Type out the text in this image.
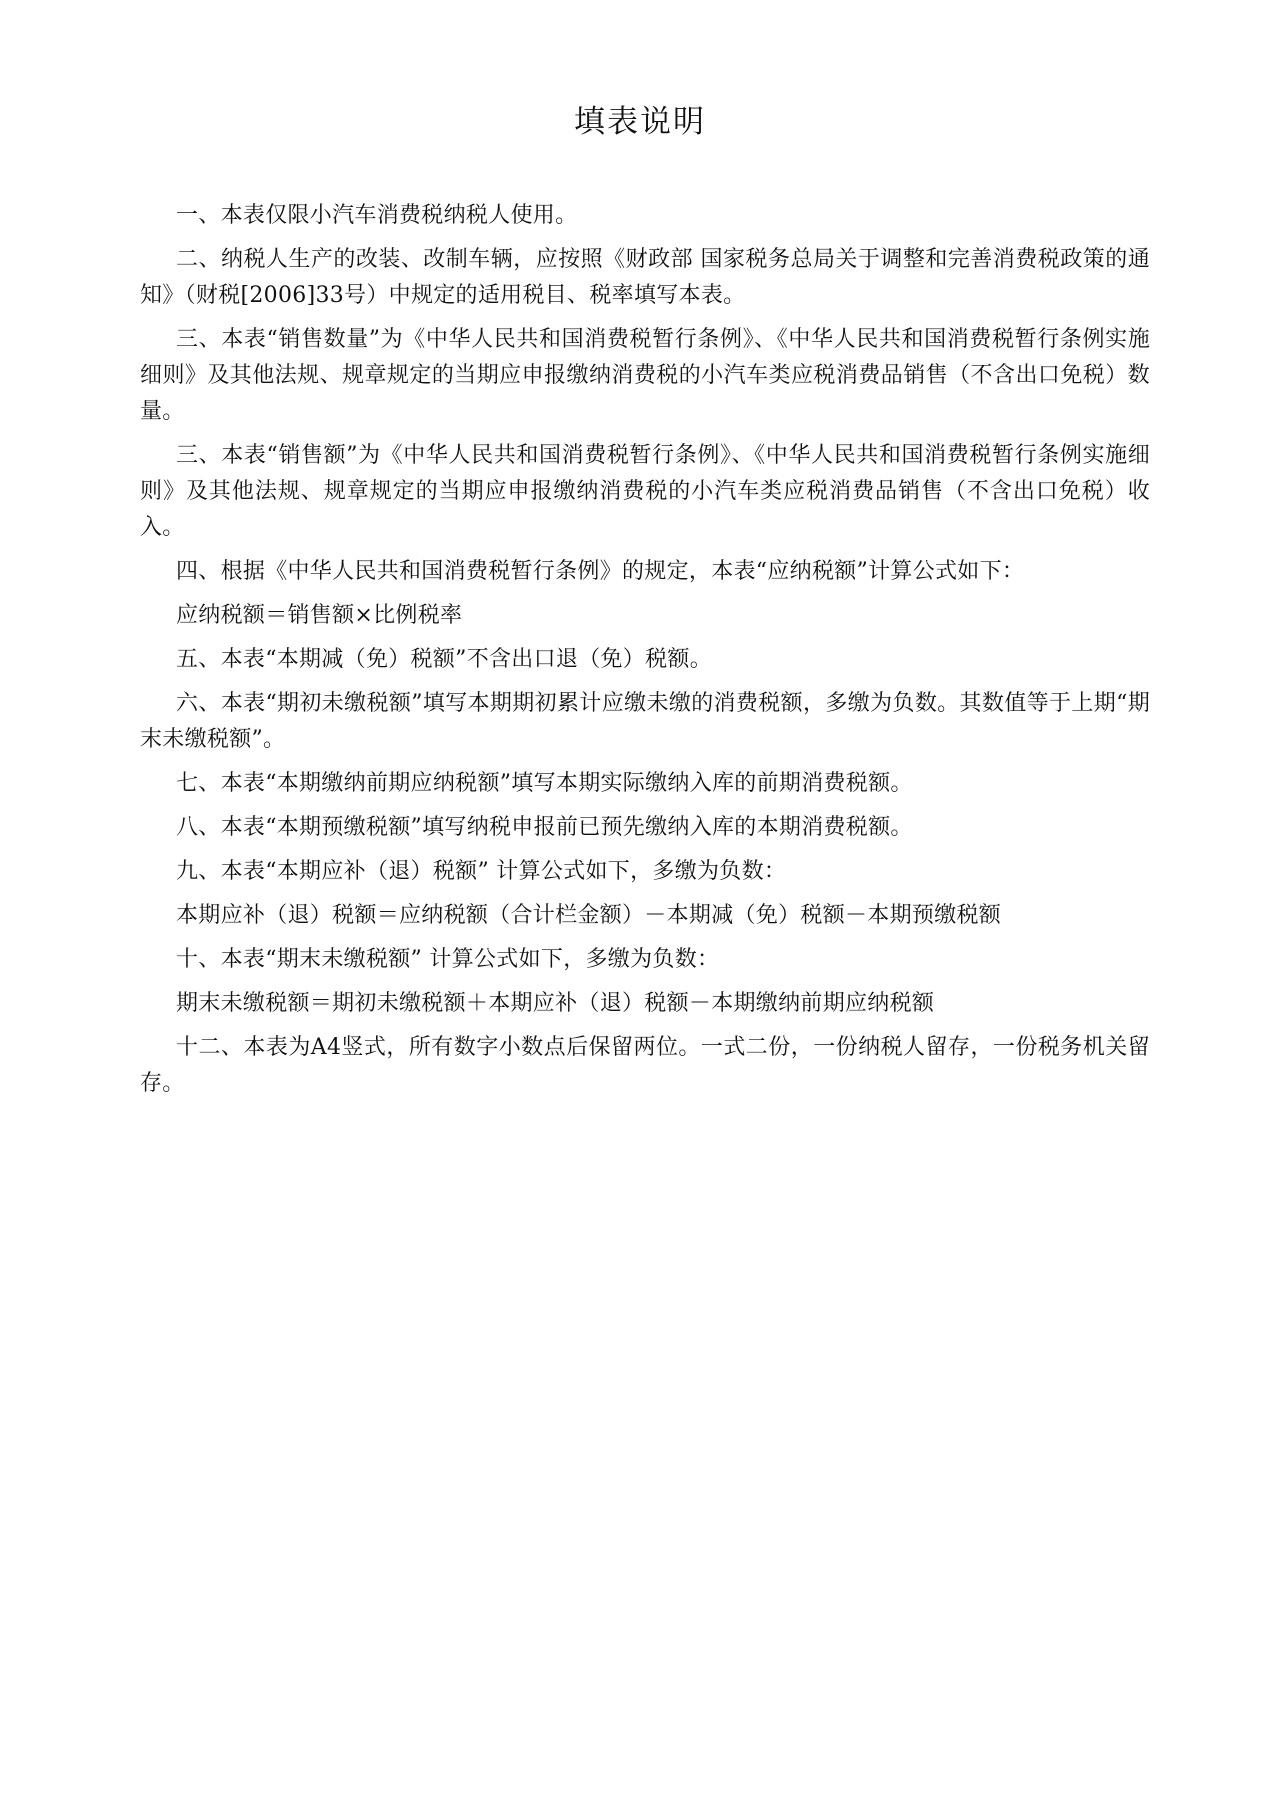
填表说明

一、本表仅限小汽车消费税纳税人使用。

二、纳税人生产的改装、改制车辆，应按照《财政部 国家税务总局关于调整和完善消费税政策的通知》（财税[2006]33号）中规定的适用税目、税率填写本表。

三、本表“销售数量”为《中华人民共和国消费税暂行条例》、《中华人民共和国消费税暂行条例实施细则》及其他法规、规章规定的当期应申报缴纳消费税的小汽车类应税消费品销售（不含出口免税）数量。

三、本表“销售额”为《中华人民共和国消费税暂行条例》、《中华人民共和国消费税暂行条例实施细则》及其他法规、规章规定的当期应申报缴纳消费税的小汽车类应税消费品销售（不含出口免税）收入。

四、根据《中华人民共和国消费税暂行条例》的规定，本表“应纳税额”计算公式如下：

应纳税额＝销售额×比例税率

五、本表“本期减（免）税额”不含出口退（免）税额。

六、本表“期初未缴税额”填写本期期初累计应缴未缴的消费税额，多缴为负数。其数值等于上期“期末未缴税额”。

七、本表“本期缴纳前期应纳税额”填写本期实际缴纳入库的前期消费税额。

八、本表“本期预缴税额”填写纳税申报前已预先缴纳入库的本期消费税额。

九、本表“本期应补（退）税额” 计算公式如下，多缴为负数：

本期应补（退）税额＝应纳税额（合计栏金额）－本期减（免）税额－本期预缴税额

十、本表“期末未缴税额” 计算公式如下，多缴为负数：

期末未缴税额＝期初未缴税额＋本期应补（退）税额－本期缴纳前期应纳税额

十二、本表为A4竖式，所有数字小数点后保留两位。一式二份，一份纳税人留存，一份税务机关留存。
